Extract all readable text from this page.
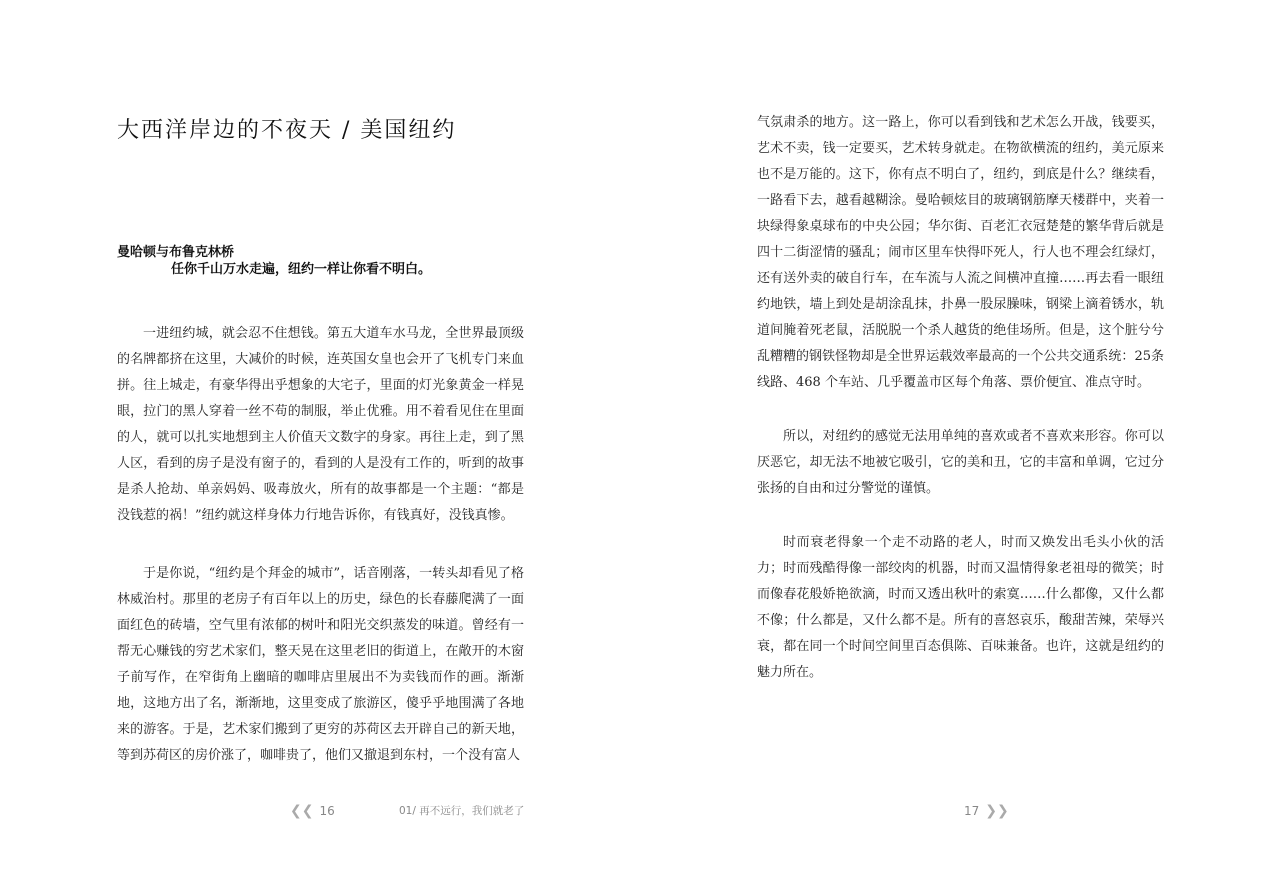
大西洋岸边的不夜天 / 美国纽约
曼哈顿与布鲁克林桥
任你千山万水走遍，纽约一样让你看不明白。

一进纽约城，就会忍不住想钱。第五大道车水马龙，全世界最顶级的名牌都挤在这里，大减价的时候，连英国女皇也会开了飞机专门来血拼。往上城走，有豪华得出乎想象的大宅子，里面的灯光象黄金一样晃眼，拉门的黑人穿着一丝不苟的制服，举止优雅。用不着看见住在里面的人，就可以扎实地想到主人价值天文数字的身家。再往上走，到了黑人区，看到的房子是没有窗子的，看到的人是没有工作的，听到的故事是杀人抢劫、单亲妈妈、吸毒放火，所有的故事都是一个主题：“都是没钱惹的祸！”纽约就这样身体力行地告诉你，有钱真好，没钱真惨。

于是你说，“纽约是个拜金的城市”，话音刚落，一转头却看见了格林威治村。那里的老房子有百年以上的历史，绿色的长春藤爬满了一面面红色的砖墙，空气里有浓郁的树叶和阳光交织蒸发的味道。曾经有一帮无心赚钱的穷艺术家们，整天晃在这里老旧的街道上，在敞开的木窗子前写作，在窄街角上幽暗的咖啡店里展出不为卖钱而作的画。渐渐地，这地方出了名，渐渐地，这里变成了旅游区，傻乎乎地围满了各地来的游客。于是，艺术家们搬到了更穷的苏荷区去开辟自己的新天地，等到苏荷区的房价涨了，咖啡贵了，他们又撤退到东村，一个没有富人

❮❮ 16	01/ 再不远行，我们就老了

气氛肃杀的地方。这一路上，你可以看到钱和艺术怎么开战，钱要买，艺术不卖，钱一定要买，艺术转身就走。在物欲横流的纽约，美元原来也不是万能的。这下，你有点不明白了，纽约，到底是什么？继续看，一路看下去，越看越糊涂。曼哈顿炫目的玻璃钢筋摩天楼群中，夹着一块绿得象桌球布的中央公园；华尔街、百老汇衣冠楚楚的繁华背后就是四十二街涩情的骚乱；闹市区里车快得吓死人，行人也不理会红绿灯，还有送外卖的破自行车，在车流与人流之间横冲直撞……再去看一眼纽约地铁，墙上到处是胡涂乱抹，扑鼻一股尿臊味，钢梁上滴着锈水，轨道间腌着死老鼠，活脱脱一个杀人越货的绝佳场所。但是，这个脏兮兮乱糟糟的钢铁怪物却是全世界运载效率最高的一个公共交通系统：25条线路、468 个车站、几乎覆盖市区每个角落、票价便宜、准点守时。

所以，对纽约的感觉无法用单纯的喜欢或者不喜欢来形容。你可以厌恶它，却无法不地被它吸引，它的美和丑，它的丰富和单调，它过分张扬的自由和过分警觉的谨慎。

时而衰老得象一个走不动路的老人，时而又焕发出毛头小伙的活力；时而残酷得像一部绞肉的机器，时而又温情得象老祖母的微笑；时而像春花般娇艳欲滴，时而又透出秋叶的索寞……什么都像，又什么都不像；什么都是，又什么都不是。所有的喜怒哀乐，酸甜苦辣，荣辱兴衰，都在同一个时间空间里百态俱陈、百味兼备。也许，这就是纽约的魅力所在。

17 ❯❯
